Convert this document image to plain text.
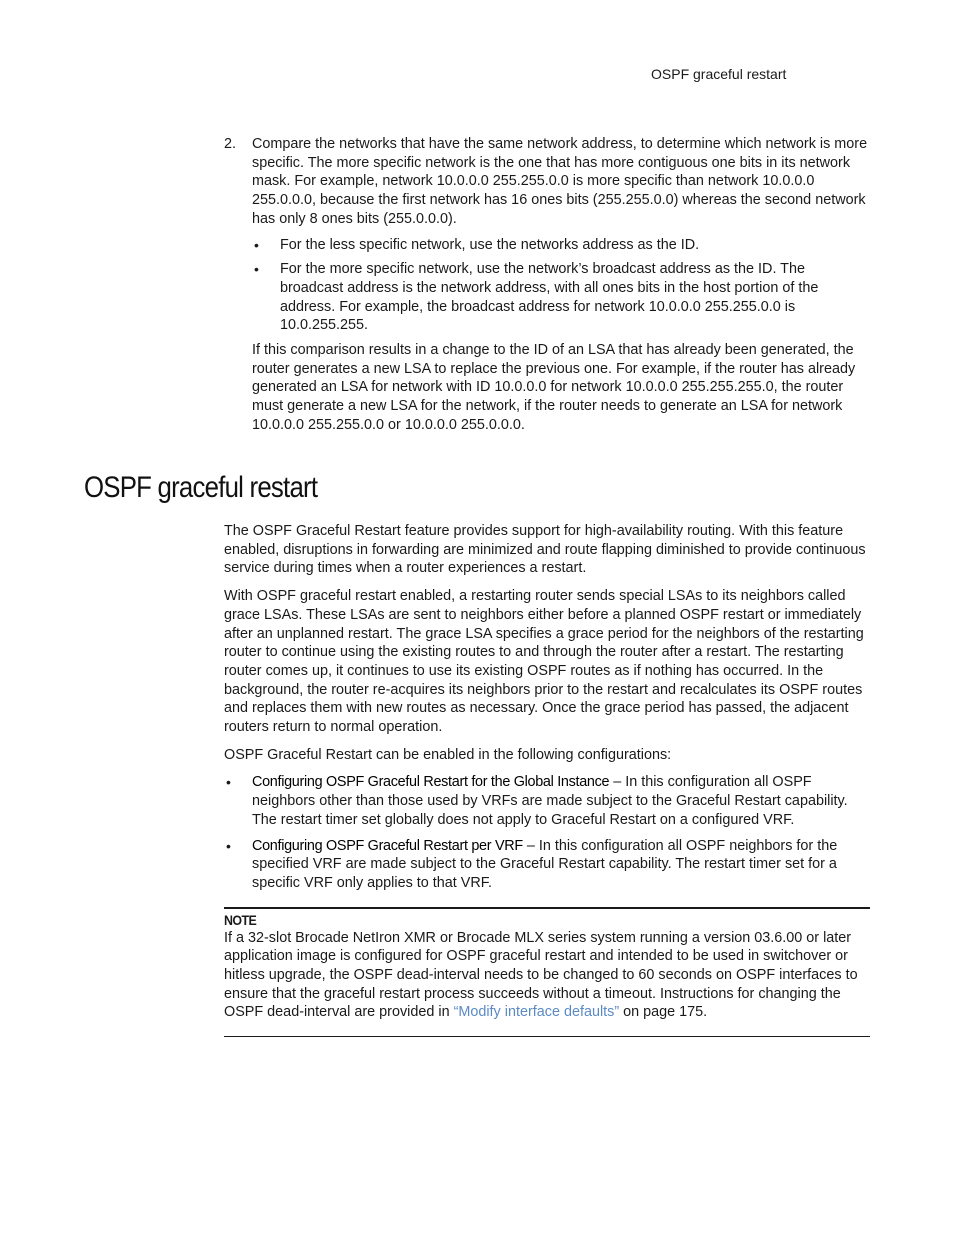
OSPF graceful restart
2. Compare the networks that have the same network address, to determine which network is more specific. The more specific network is the one that has more contiguous one bits in its network mask. For example, network 10.0.0.0 255.255.0.0 is more specific than network 10.0.0.0 255.0.0.0, because the first network has 16 ones bits (255.255.0.0) whereas the second network has only 8 ones bits (255.0.0.0).

• For the less specific network, use the networks address as the ID.
• For the more specific network, use the network’s broadcast address as the ID. The broadcast address is the network address, with all ones bits in the host portion of the address. For example, the broadcast address for network 10.0.0.0 255.255.0.0 is 10.0.255.255.

If this comparison results in a change to the ID of an LSA that has already been generated, the router generates a new LSA to replace the previous one. For example, if the router has already generated an LSA for network with ID 10.0.0.0 for network 10.0.0.0 255.255.255.0, the router must generate a new LSA for the network, if the router needs to generate an LSA for network 10.0.0.0 255.255.0.0 or 10.0.0.0 255.0.0.0.

OSPF graceful restart

The OSPF Graceful Restart feature provides support for high-availability routing. With this feature enabled, disruptions in forwarding are minimized and route flapping diminished to provide continuous service during times when a router experiences a restart.

With OSPF graceful restart enabled, a restarting router sends special LSAs to its neighbors called grace LSAs. These LSAs are sent to neighbors either before a planned OSPF restart or immediately after an unplanned restart. The grace LSA specifies a grace period for the neighbors of the restarting router to continue using the existing routes to and through the router after a restart. The restarting router comes up, it continues to use its existing OSPF routes as if nothing has occurred. In the background, the router re-acquires its neighbors prior to the restart and recalculates its OSPF routes and replaces them with new routes as necessary. Once the grace period has passed, the adjacent routers return to normal operation.

OSPF Graceful Restart can be enabled in the following configurations:

• Configuring OSPF Graceful Restart for the Global Instance – In this configuration all OSPF neighbors other than those used by VRFs are made subject to the Graceful Restart capability. The restart timer set globally does not apply to Graceful Restart on a configured VRF.
• Configuring OSPF Graceful Restart per VRF – In this configuration all OSPF neighbors for the specified VRF are made subject to the Graceful Restart capability. The restart timer set for a specific VRF only applies to that VRF.
NOTE

If a 32-slot Brocade NetIron XMR or Brocade MLX series system running a version 03.6.00 or later application image is configured for OSPF graceful restart and intended to be used in switchover or hitless upgrade, the OSPF dead-interval needs to be changed to 60 seconds on OSPF interfaces to ensure that the graceful restart process succeeds without a timeout. Instructions for changing the OSPF dead-interval are provided in “Modify interface defaults” on page 175.
